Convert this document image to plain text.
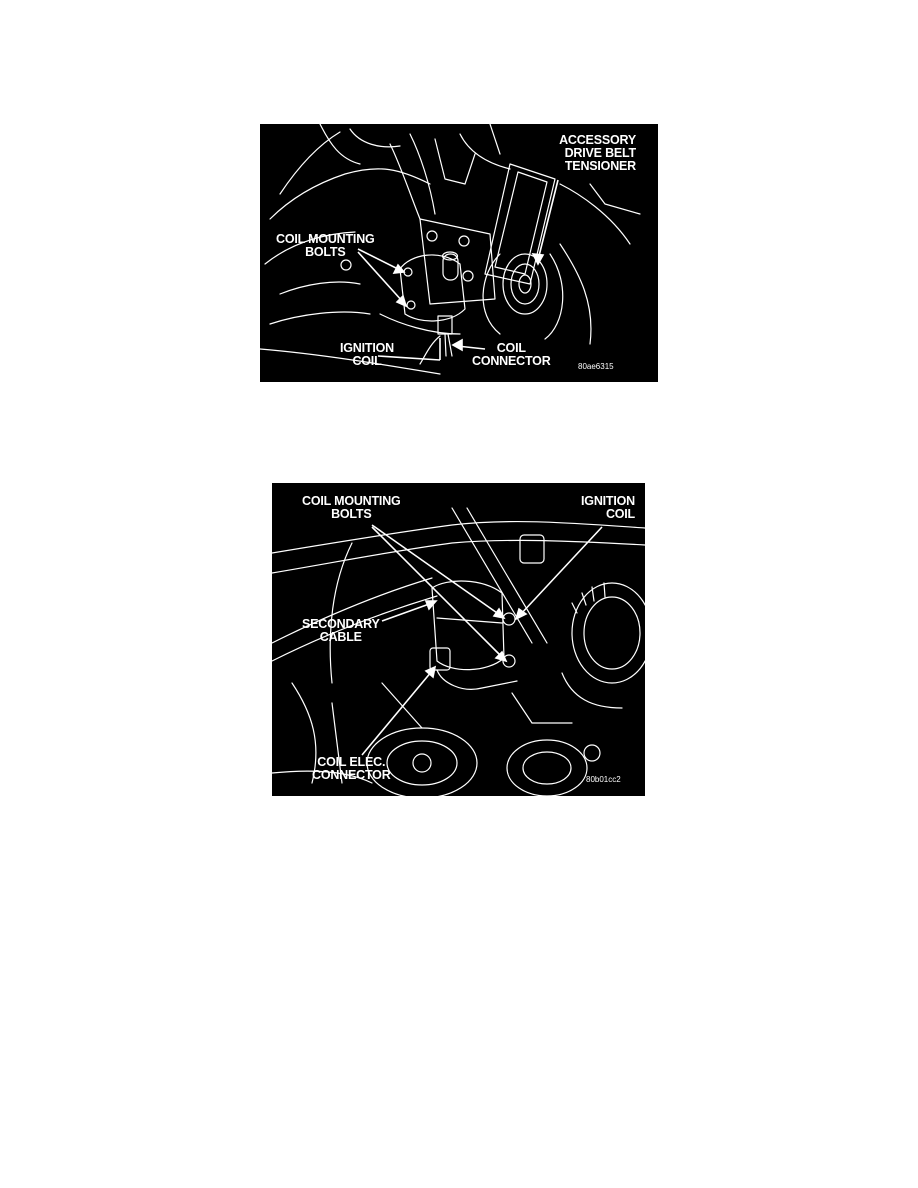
ACCESSORY
DRIVE BELT
TENSIONER
COIL MOUNTING
BOLTS
IGNITION
COIL
COIL
CONNECTOR	80ae6315
COIL MOUNTING
BOLTS
IGNITION
COIL
SECONDARY
CABLE
COIL ELEC.
CONNECTOR	80b01cc2
